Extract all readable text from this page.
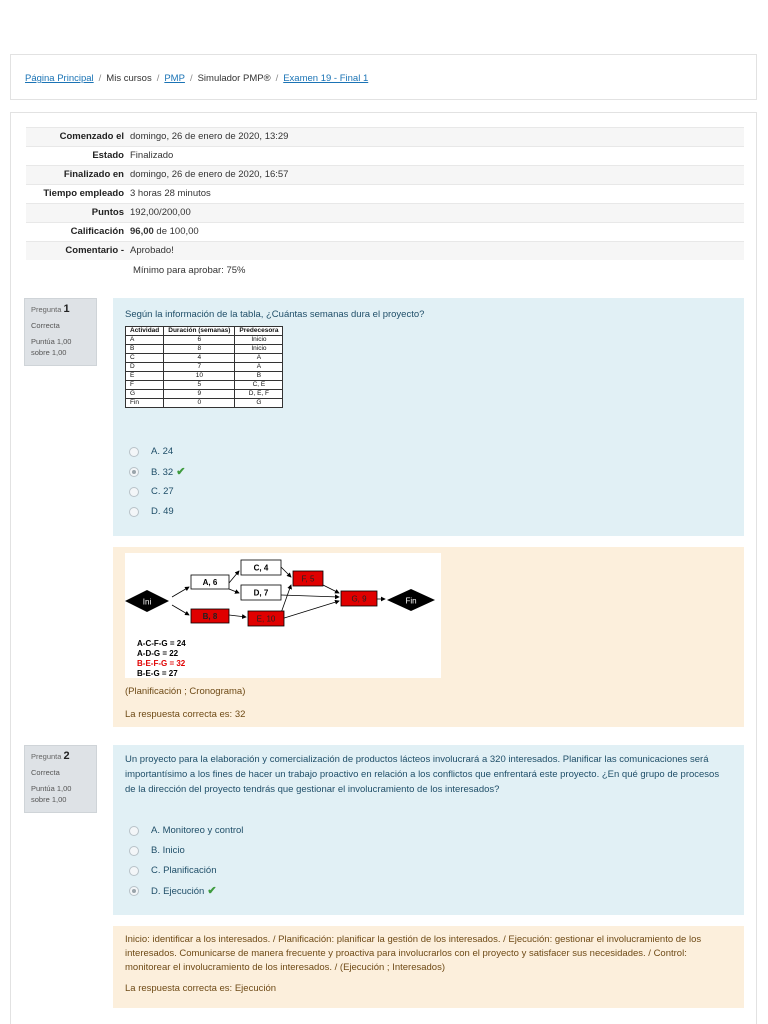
Página Principal / Mis cursos / PMP / Simulador PMP® / Examen 19 - Final 1
Comenzado el	domingo, 26 de enero de 2020, 13:29
Estado	Finalizado
Finalizado en	domingo, 26 de enero de 2020, 16:57
Tiempo empleado	3 horas 28 minutos
Puntos	192,00/200,00
Calificación	96,00 de 100,00
Comentario -	Aprobado!
Mínimo para aprobar: 75%
Pregunta 1
Correcta
Puntúa 1,00
sobre 1,00
Según la información de la tabla, ¿Cuántas semanas dura el proyecto?
Actividad	Duración (semanas)	Predecesora
A	6	Inicio
B	8	Inicio
C	4	A
D	7	A
E	10	B
F	5	C, E
G	9	D, E, F
Fin	0	G
A. 24
B. 32 ✔
C. 27
D. 49
Ini
A, 6
B, 8
C, 4
D, 7
E, 10
F, 5
G, 9	Fin
A-C-F-G = 24
A-D-G = 22
B-E-F-G = 32
B-E-G = 27
(Planificación ; Cronograma)
La respuesta correcta es: 32
Pregunta 2
Correcta
Puntúa 1,00
sobre 1,00
Un proyecto para la elaboración y comercialización de productos lácteos involucrará a 320 interesados. Planificar las comunicaciones será importantísimo a los fines de hacer un trabajo proactivo en relación a los conflictos que enfrentará este proyecto. ¿En qué grupo de procesos de la dirección del proyecto tendrás que gestionar el involucramiento de los interesados?
A. Monitoreo y control
B. Inicio
C. Planificación
D. Ejecución ✔
Inicio: identificar a los interesados. / Planificación: planificar la gestión de los interesados. / Ejecución: gestionar el involucramiento de los interesados. Comunicarse de manera frecuente y proactiva para involucrarlos con el proyecto y satisfacer sus necesidades. / Control: monitorear el involucramiento de los interesados. / (Ejecución ; Interesados)
La respuesta correcta es: Ejecución
